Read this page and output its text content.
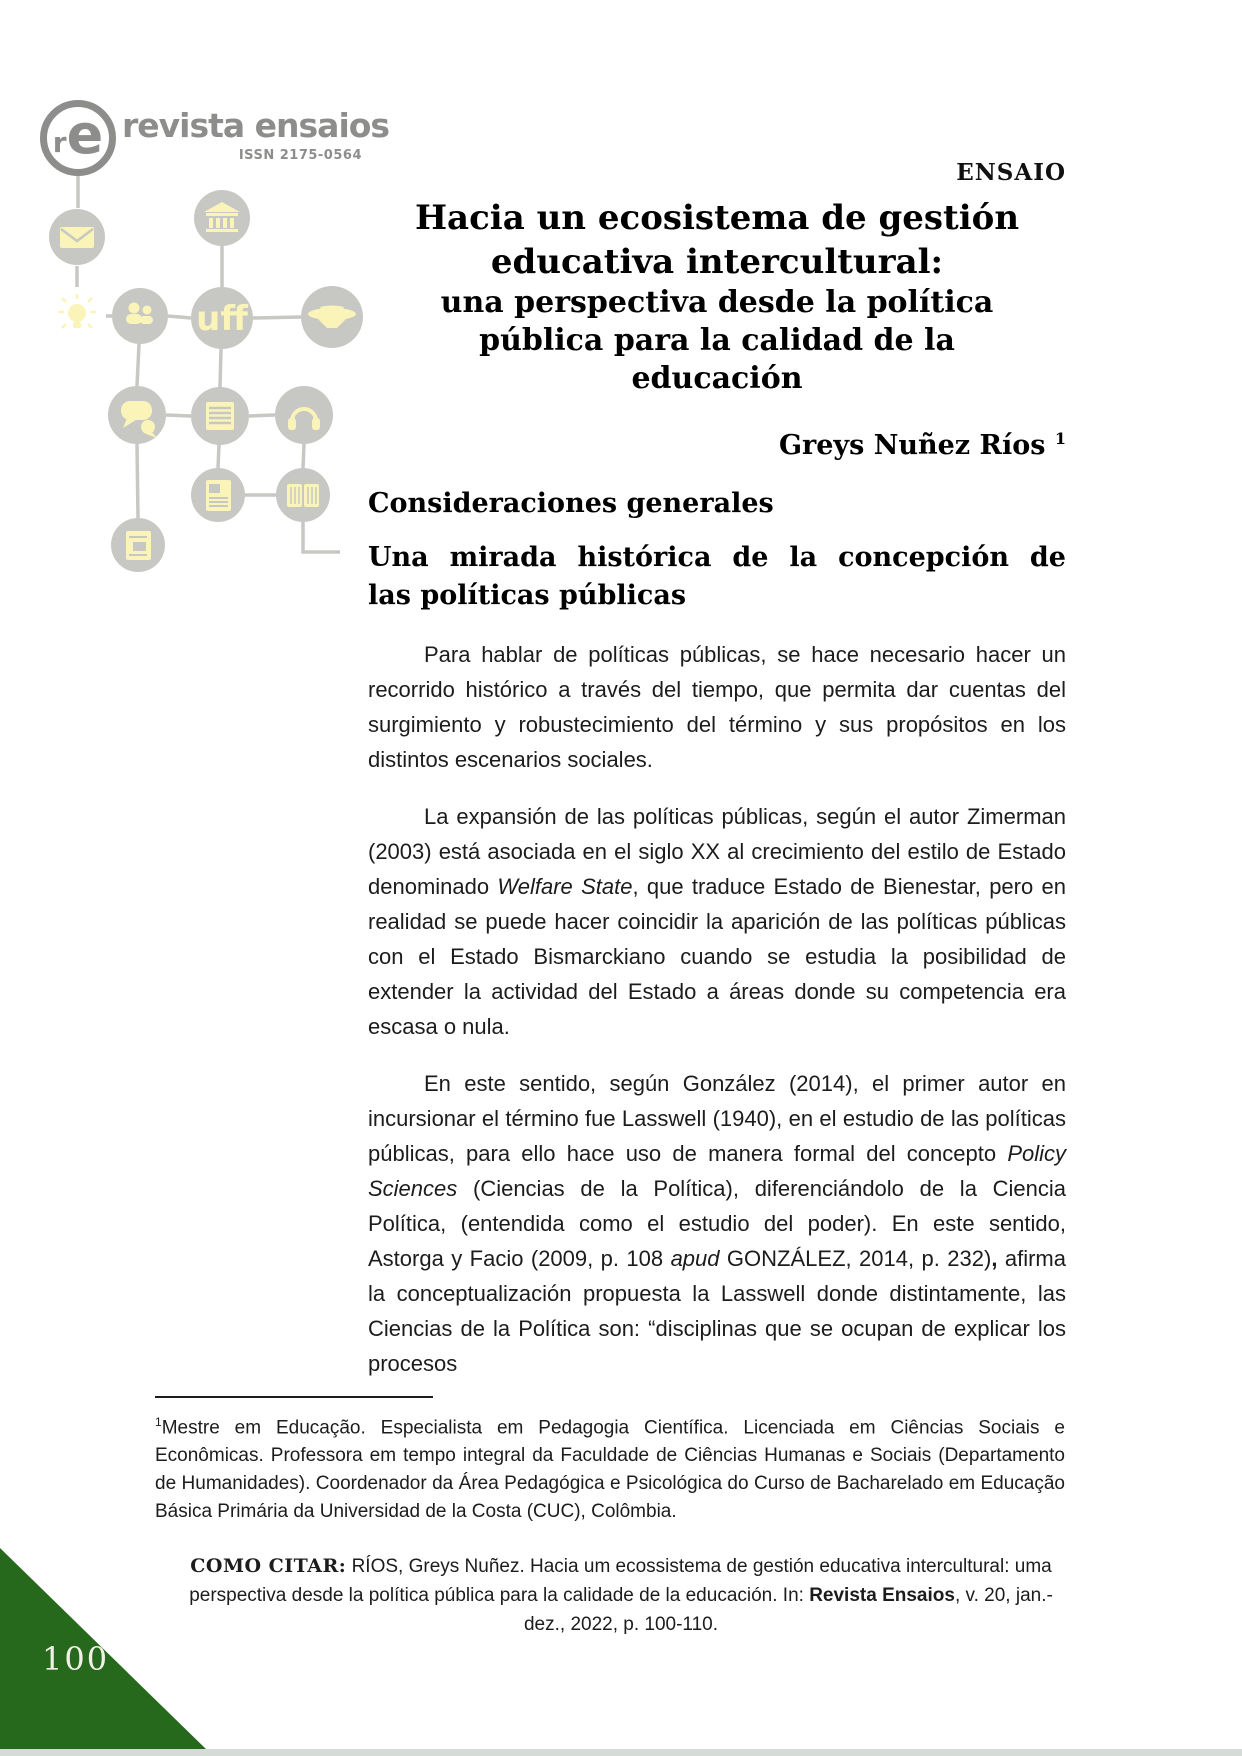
uff
r e revista ensaios
ISSN 2175-0564
ENSAIO
Hacia un ecosistema de gestión
educativa intercultural:
una perspectiva desde la política
pública para la calidad de la
educación
Greys Nuñez Ríos $^1$
Consideraciones generales
Una mirada histórica de la concepción de
las políticas públicas

Para hablar de políticas públicas, se hace necesario hacer un recorrido histórico a través del tiempo, que permita dar cuentas del surgimiento y robustecimiento del término y sus propósitos en los distintos escenarios sociales.

La expansión de las políticas públicas, según el autor Zimerman (2003) está asociada en el siglo XX al crecimiento del estilo de Estado denominado Welfare State, que traduce Estado de Bienestar, pero en realidad se puede hacer coincidir la aparición de las políticas públicas con el Estado Bismarckiano cuando se estudia la posibilidad de extender la actividad del Estado a áreas donde su competencia era escasa o nula.

En este sentido, según González (2014), el primer autor en incursionar el término fue Lasswell (1940), en el estudio de las políticas públicas, para ello hace uso de manera formal del concepto Policy Sciences (Ciencias de la Política), diferenciándolo de la Ciencia Política, (entendida como el estudio del poder). En este sentido, Astorga y Facio (2009, p. 108 apud GONZÁLEZ, 2014, p. 232), afirma la conceptualización propuesta la Lasswell donde distintamente, las Ciencias de la Política son: “disciplinas que se ocupan de explicar los procesos

$^1$Mestre em Educação. Especialista em Pedagogia Científica. Licenciada em Ciências Sociais e Econômicas. Professora em tempo integral da Faculdade de Ciências Humanas e Sociais (Departamento de Humanidades). Coordenador da Área Pedagógica e Psicológica do Curso de Bacharelado em Educação Básica Primária da Universidad de la Costa (CUC), Colômbia.
COMO CITAR: RÍOS, Greys Nuñez. Hacia um ecossistema de gestión educativa intercultural: uma perspectiva desde la política pública para la calidade de la educación. In: Revista Ensaios, v. 20, jan.-dez., 2022, p. 100-110.
100
